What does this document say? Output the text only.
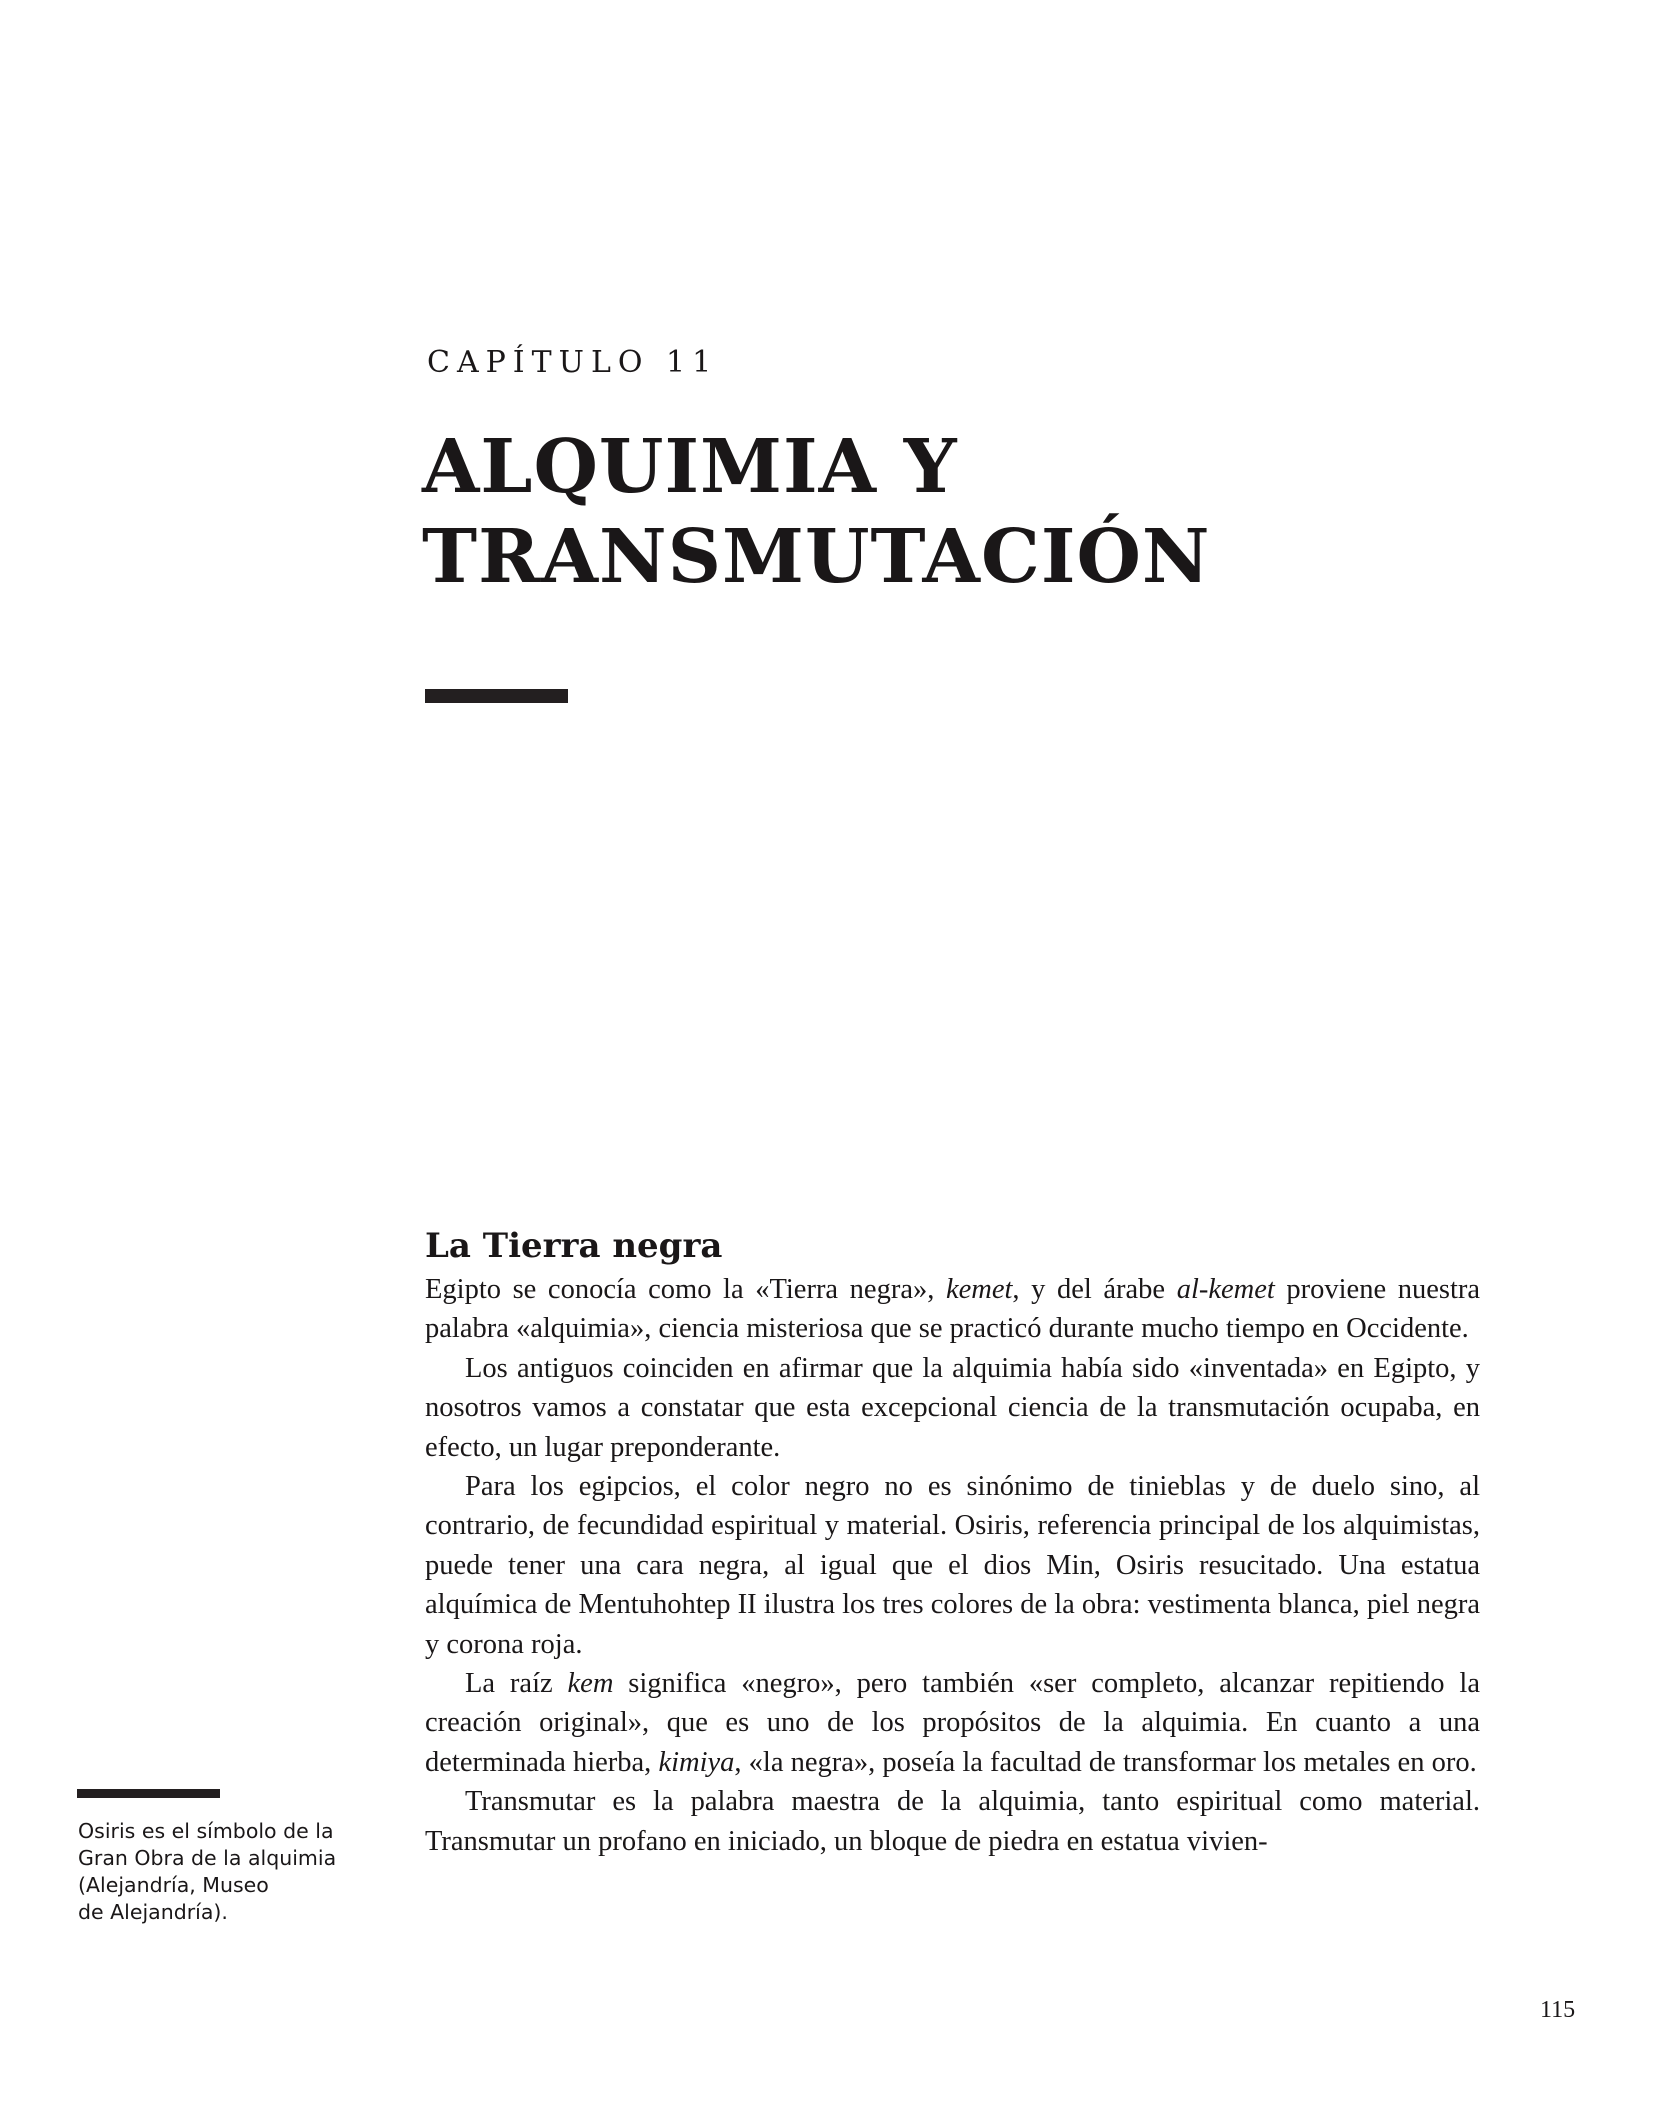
CAPÍTULO 11
ALQUIMIA Y
TRANSMUTACIÓN
La Tierra negra

Egipto se conocía como la «Tierra negra», kemet, y del árabe al-kemet proviene nuestra palabra «alquimia», ciencia misteriosa que se practicó durante mucho tiempo en Occidente.

Los antiguos coinciden en afirmar que la alquimia había sido «inventada» en Egipto, y nosotros vamos a constatar que esta excepcional ciencia de la transmutación ocupaba, en efecto, un lugar preponderante.

Para los egipcios, el color negro no es sinónimo de tinieblas y de duelo sino, al contrario, de fecundidad espiritual y material. Osiris, referencia principal de los alquimistas, puede tener una cara negra, al igual que el dios Min, Osiris resucitado. Una estatua alquímica de Mentuhohtep II ilustra los tres colores de la obra: vestimenta blanca, piel negra y corona roja.

La raíz kem significa «negro», pero también «ser completo, alcanzar repitiendo la creación original», que es uno de los propósitos de la alquimia. En cuanto a una determinada hierba, kimiya, «la negra», poseía la facultad de transformar los metales en oro.

Transmutar es la palabra maestra de la alquimia, tanto espiritual como material. Transmutar un profano en iniciado, un bloque de piedra en estatua vivien-

Osiris es el símbolo de la
Gran Obra de la alquimia
(Alejandría, Museo
de Alejandría).
115
